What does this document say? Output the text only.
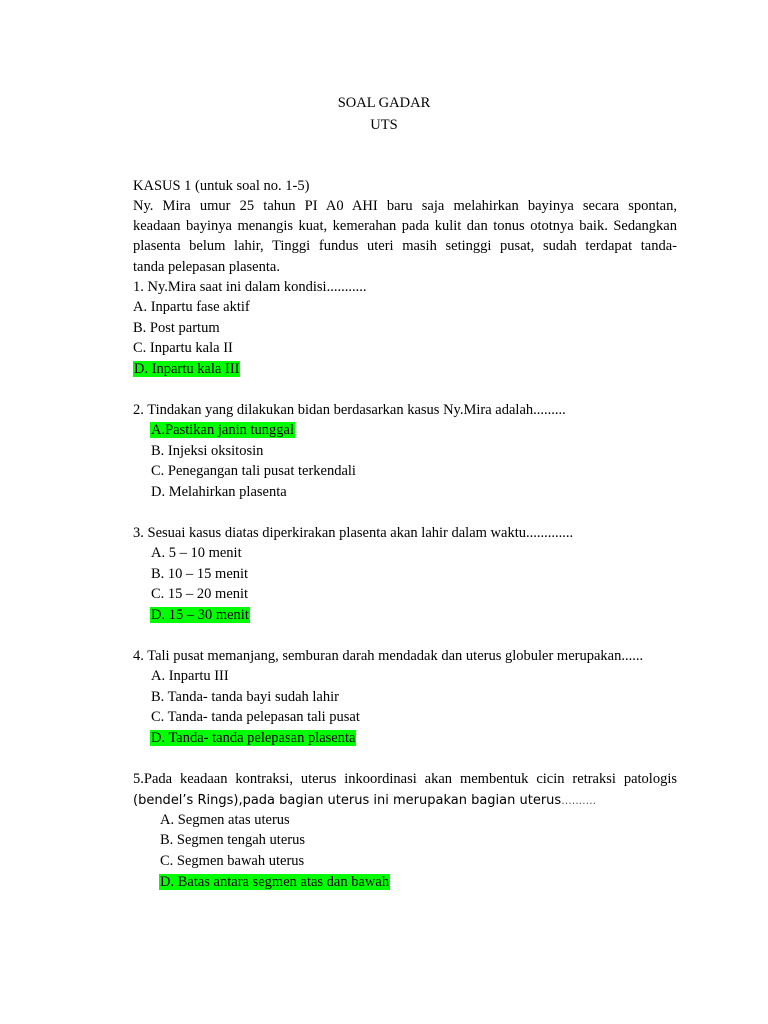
SOAL GADAR
UTS
KASUS 1 (untuk soal no. 1-5)
Ny. Mira umur 25 tahun PI A0 AHI baru saja melahirkan bayinya secara spontan,
keadaan bayinya menangis kuat, kemerahan pada kulit dan tonus ototnya baik. Sedangkan
plasenta belum lahir, Tinggi fundus uteri masih setinggi pusat, sudah terdapat tanda-
tanda pelepasan plasenta.
1. Ny.Mira saat ini dalam kondisi...........
A. Inpartu fase aktif
B. Post partum
C. Inpartu kala II
D. Inpartu kala III
2. Tindakan yang dilakukan bidan berdasarkan kasus Ny.Mira adalah.........
A.Pastikan janin tunggal
B. Injeksi oksitosin
C. Penegangan tali pusat terkendali
D. Melahirkan plasenta
3. Sesuai kasus diatas diperkirakan plasenta akan lahir dalam waktu.............
A. 5 – 10 menit
B. 10 – 15 menit
C. 15 – 20 menit
D. 15 – 30 menit
4. Tali pusat memanjang, semburan darah mendadak dan uterus globuler merupakan......
A. Inpartu III
B. Tanda- tanda bayi sudah lahir
C. Tanda- tanda pelepasan tali pusat
D. Tanda- tanda pelepasan plasenta
5.Pada keadaan kontraksi, uterus inkoordinasi akan membentuk cicin retraksi patologis
(bendel’s Rings),pada bagian uterus ini merupakan bagian uterus..........
A. Segmen atas uterus
B. Segmen tengah uterus
C. Segmen bawah uterus
D. Batas antara segmen atas dan bawah
